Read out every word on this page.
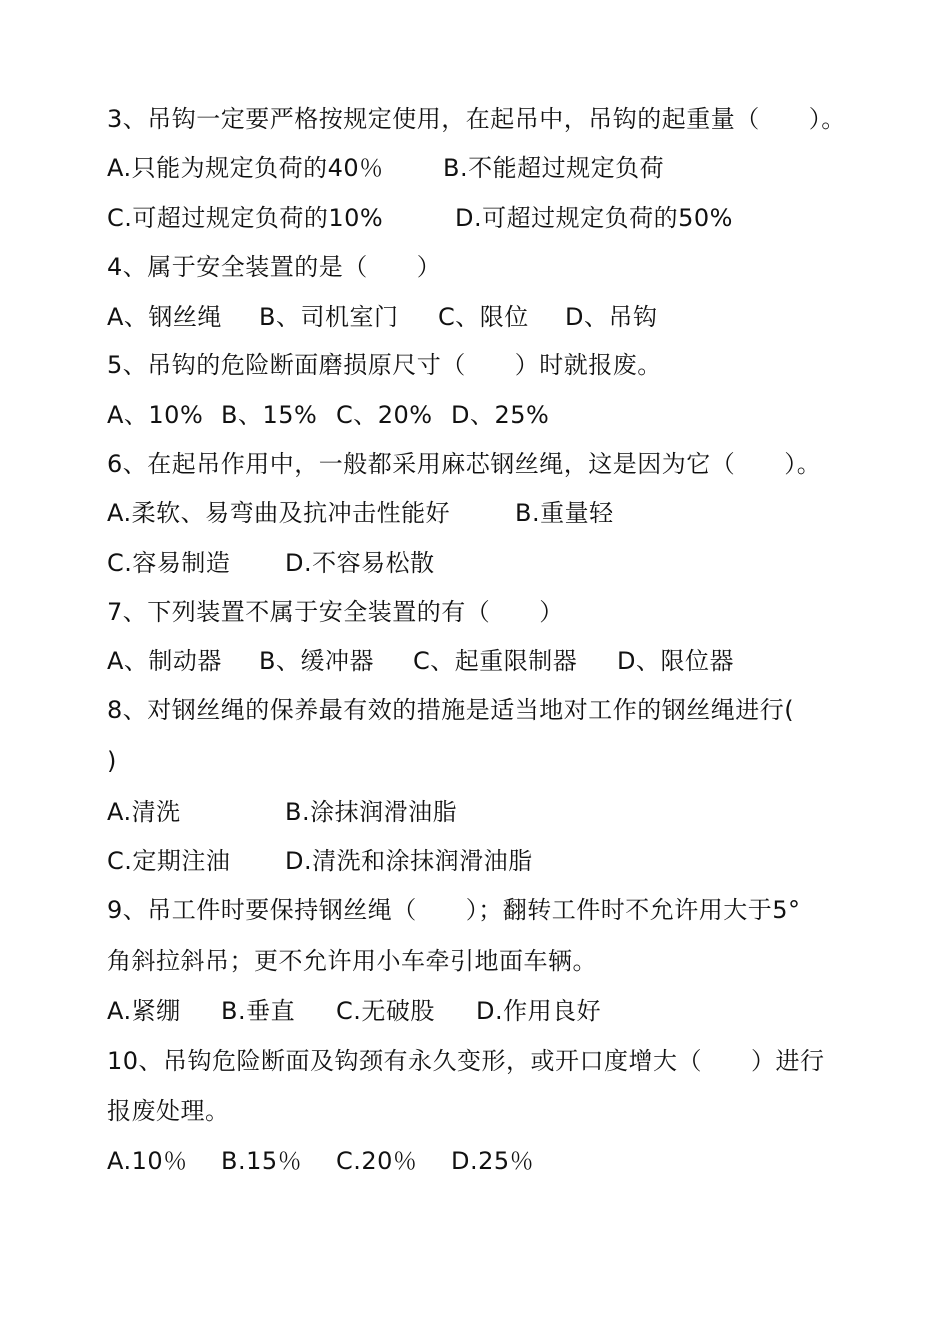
3、吊钩一定要严格按规定使用，在起吊中，吊钩的起重量（　　）。
A.只能为规定负荷的40％ B.不能超过规定负荷
C.可超过规定负荷的10%	D.可超过规定负荷的50%
4、属于安全装置的是（　　）
A、钢丝绳 B、司机室门 C、限位 D、吊钩
5、吊钩的危险断面磨损原尺寸（　　）时就报废。
A、10% B、15% C、20% D、25%
6、在起吊作用中，一般都采用麻芯钢丝绳，这是因为它（　　）。
A.柔软、易弯曲及抗冲击性能好	B.重量轻
C.容易制造 D.不容易松散
7、下列装置不属于安全装置的有（　　）
A、制动器 B、缓冲器 C、起重限制器 D、限位器
8、对钢丝绳的保养最有效的措施是适当地对工作的钢丝绳进行(
)
A.清洗	B.涂抹润滑油脂
C.定期注油 D.清洗和涂抹润滑油脂
9、吊工件时要保持钢丝绳（　　）；翻转工件时不允许用大于5°
角斜拉斜吊；更不允许用小车牵引地面车辆。
A.紧绷 B.垂直 C.无破股 D.作用良好
10、吊钩危险断面及钩颈有永久变形，或开口度增大（　　）进行
报废处理。
A.10％ B.15％ C.20％ D.25％
